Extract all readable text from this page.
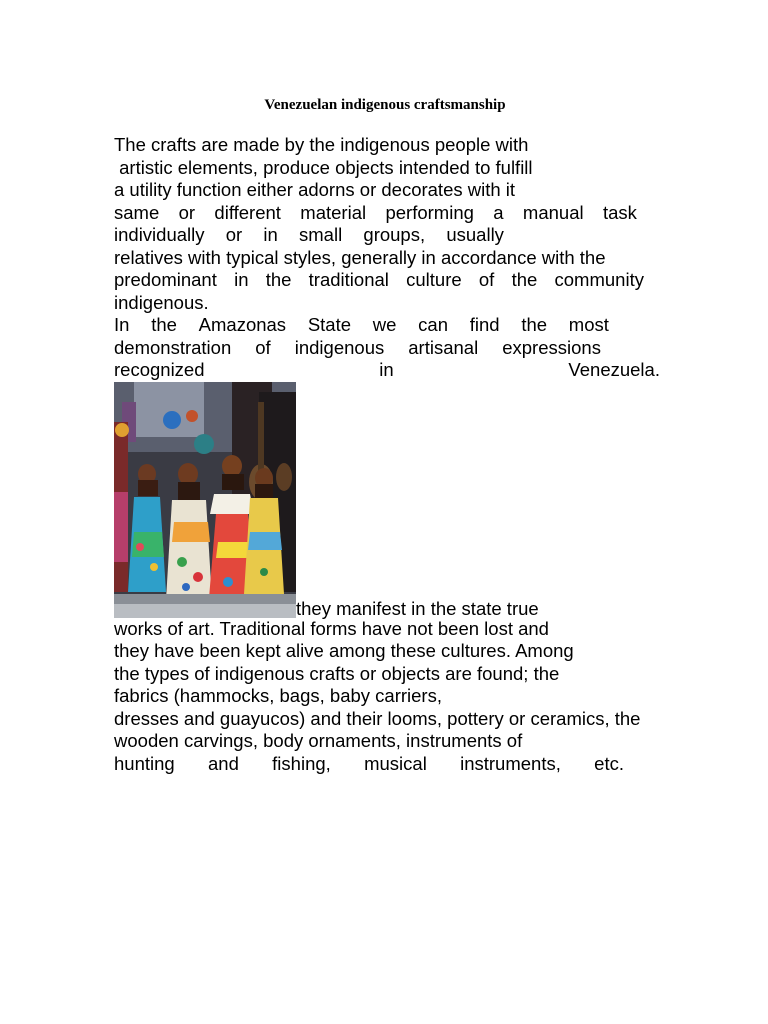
Venezuelan indigenous craftsmanship
The crafts are made by the indigenous people with
artistic elements, produce objects intended to fulfill
a utility function either adorns or decorates with it
same or different material performing a manual task
individually or in small groups, usually
relatives with typical styles, generally in accordance with the
predominant in the traditional culture of the community
indigenous.
In the Amazonas State we can find the most
demonstration of indigenous artisanal expressions
recognized	in	Venezuela.
they manifest in the state true
works of art. Traditional forms have not been lost and
they have been kept alive among these cultures. Among
the types of indigenous crafts or objects are found; the
fabrics (hammocks, bags, baby carriers,
dresses and guayucos) and their looms, pottery or ceramics, the
wooden carvings, body ornaments, instruments of
hunting and fishing, musical instruments, etc.
